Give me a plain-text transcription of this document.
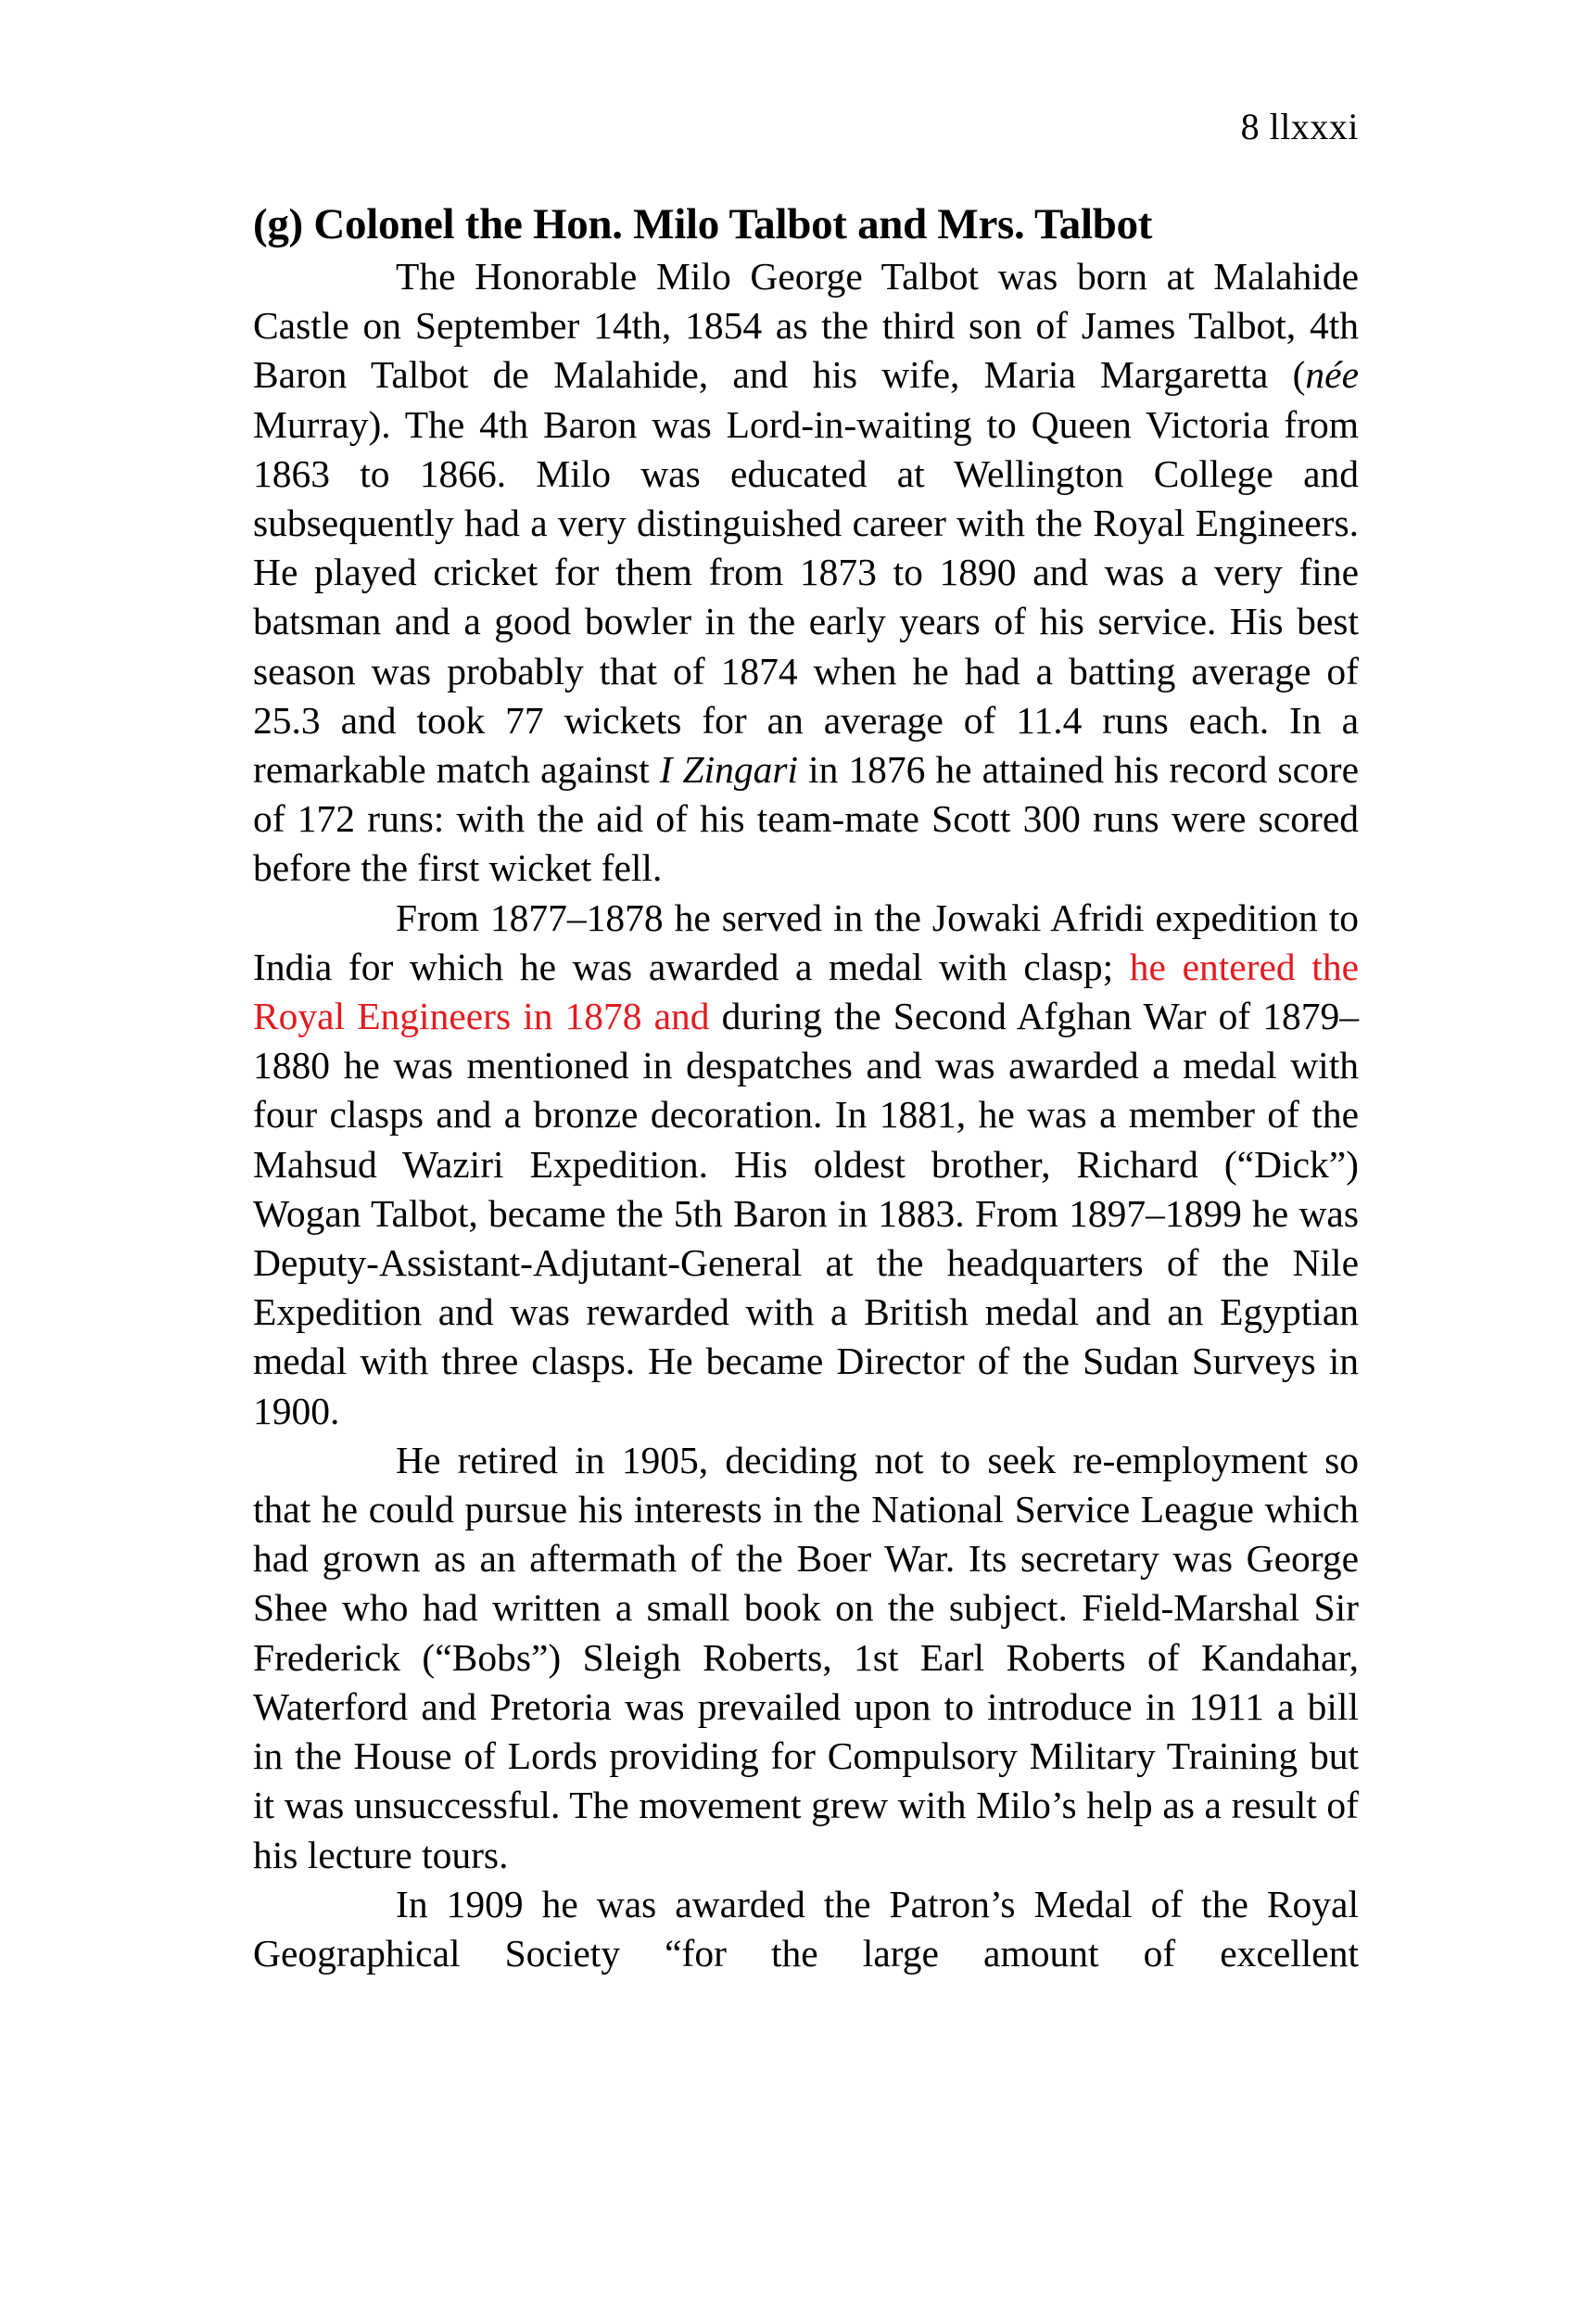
8 llxxxi
(g) Colonel the Hon. Milo Talbot and Mrs. Talbot

The Honorable Milo George Talbot was born at Malahide Castle on September 14th, 1854 as the third son of James Talbot, 4th Baron Talbot de Malahide, and his wife, Maria Margaretta (née Murray). The 4th Baron was Lord-in-waiting to Queen Victoria from 1863 to 1866. Milo was educated at Wellington College and subsequently had a very distinguished career with the Royal Engineers. He played cricket for them from 1873 to 1890 and was a very fine batsman and a good bowler in the early years of his service. His best season was probably that of 1874 when he had a batting average of 25.3 and took 77 wickets for an average of 11.4 runs each. In a remarkable match against I Zingari in 1876 he attained his record score of 172 runs: with the aid of his team-mate Scott 300 runs were scored before the first wicket fell.

From 1877–1878 he served in the Jowaki Afridi expedition to India for which he was awarded a medal with clasp; he entered the Royal Engineers in 1878 and during the Second Afghan War of 1879–1880 he was mentioned in despatches and was awarded a medal with four clasps and a bronze decoration. In 1881, he was a member of the Mahsud Waziri Expedition. His oldest brother, Richard (“Dick”) Wogan Talbot, became the 5th Baron in 1883. From 1897–1899 he was Deputy-Assistant-Adjutant-General at the headquarters of the Nile Expedition and was rewarded with a British medal and an Egyptian medal with three clasps. He became Director of the Sudan Surveys in 1900.

He retired in 1905, deciding not to seek re-employment so that he could pursue his interests in the National Service League which had grown as an aftermath of the Boer War. Its secretary was George Shee who had written a small book on the subject. Field-Marshal Sir Frederick (“Bobs”) Sleigh Roberts, 1st Earl Roberts of Kandahar, Waterford and Pretoria was prevailed upon to introduce in 1911 a bill in the House of Lords providing for Compulsory Military Training but it was unsuccessful. The movement grew with Milo’s help as a result of his lecture tours.

In 1909 he was awarded the Patron’s Medal of the Royal Geographical Society “for the large amount of excellent
